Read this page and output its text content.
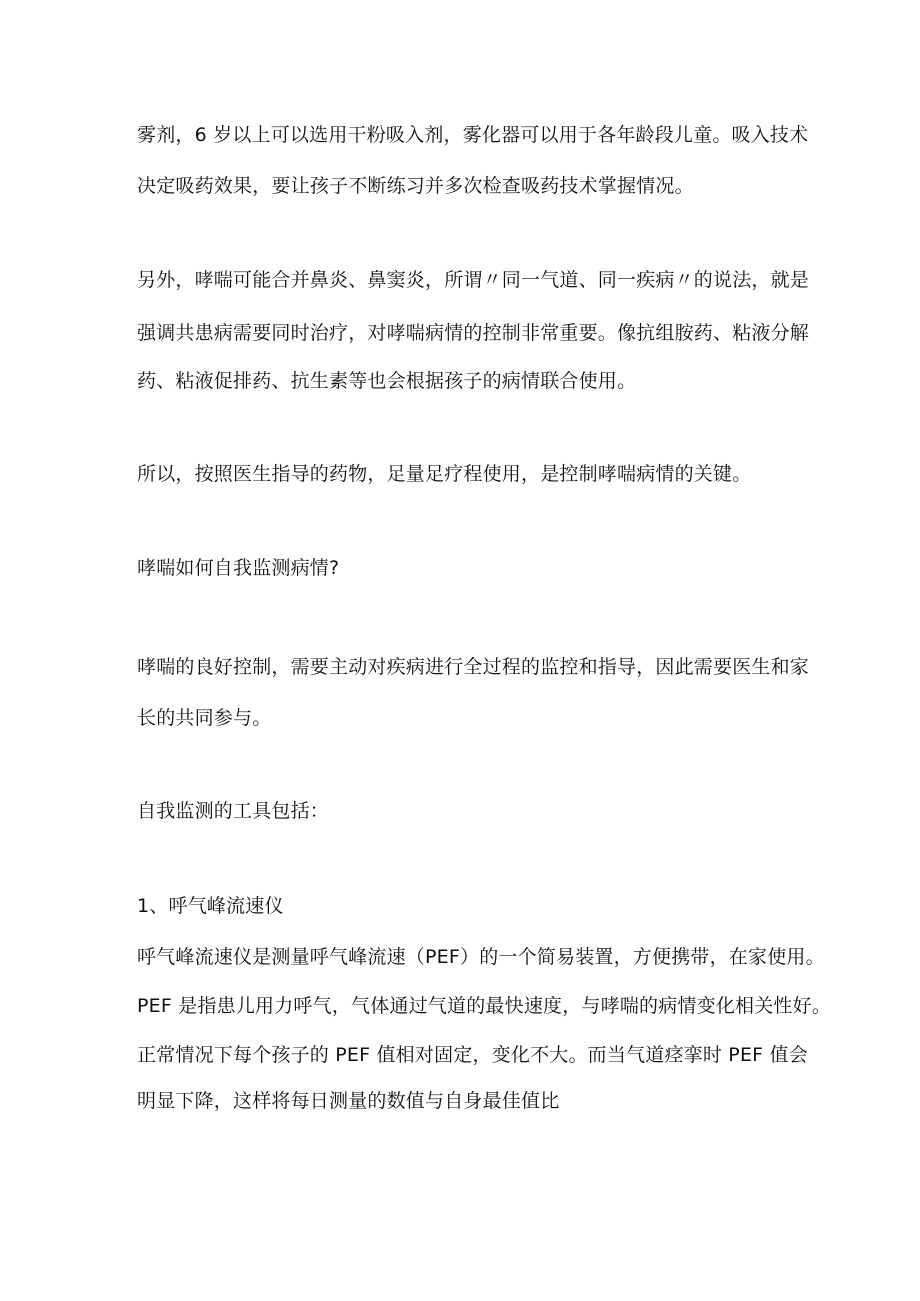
雾剂，6 岁以上可以选用干粉吸入剂，雾化器可以用于各年龄段儿童。吸入技术
决定吸药效果，要让孩子不断练习并多次检查吸药技术掌握情况。
另外，哮喘可能合并鼻炎、鼻窦炎，所谓〃同一气道、同一疾病〃的说法，就是
强调共患病需要同时治疗，对哮喘病情的控制非常重要。像抗组胺药、粘液分解
药、粘液促排药、抗生素等也会根据孩子的病情联合使用。
所以，按照医生指导的药物，足量足疗程使用，是控制哮喘病情的关键。
哮喘如何自我监测病情?
哮喘的良好控制，需要主动对疾病进行全过程的监控和指导，因此需要医生和家
长的共同参与。
自我监测的工具包括：
1、呼气峰流速仪
呼气峰流速仪是测量呼气峰流速（PEF）的一个简易装置，方便携带，在家使用。
PEF 是指患儿用力呼气，气体通过气道的最快速度，与哮喘的病情变化相关性好。
正常情况下每个孩子的 PEF 值相对固定，变化不大。而当气道痉挛时 PEF 值会
明显下降，这样将每日测量的数值与自身最佳值比
